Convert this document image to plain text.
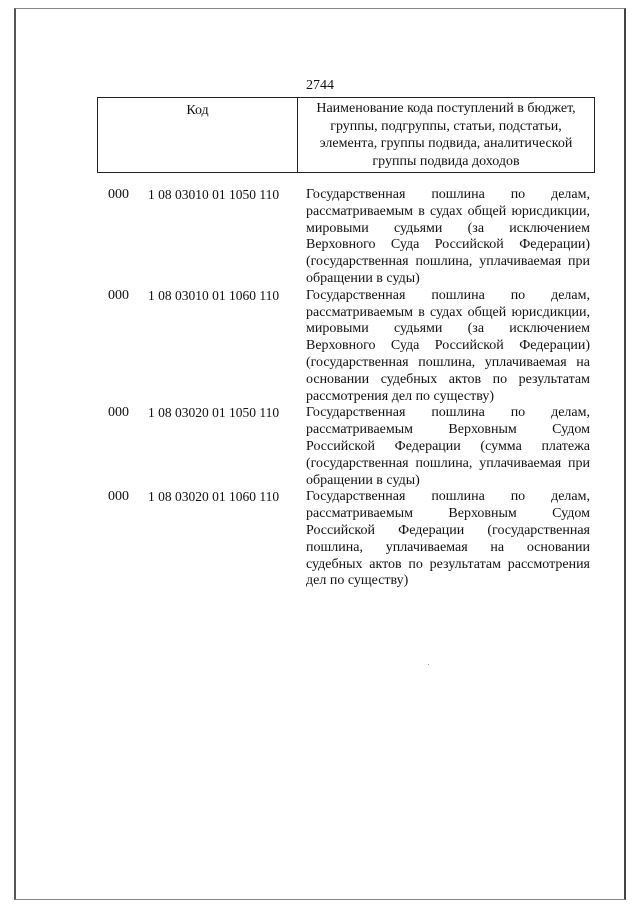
2744
Код	Наименование кода поступлений в бюджет, группы, подгруппы, статьи, подстатьи, элемента, группы подвида, аналитической группы подвида доходов
000	1 08 03010 01 1050 110	Государственная пошлина по делам, рассматриваемым в судах общей юрисдикции, мировыми судьями (за исключением Верховного Суда Российской Федерации) (государственная пошлина, уплачиваемая при обращении в суды)
000	1 08 03010 01 1060 110	Государственная пошлина по делам, рассматриваемым в судах общей юрисдикции, мировыми судьями (за исключением Верховного Суда Российской Федерации) (государственная пошлина, уплачиваемая на основании судебных актов по результатам рассмотрения дел по существу)
000	1 08 03020 01 1050 110	Государственная пошлина по делам, рассматриваемым Верховным Судом Российской Федерации (сумма платежа (государственная пошлина, уплачиваемая при обращении в суды)
000	1 08 03020 01 1060 110	Государственная пошлина по делам, рассматриваемым Верховным Судом Российской Федерации (государственная пошлина, уплачиваемая на основании судебных актов по результатам рассмотрения дел по существу)
